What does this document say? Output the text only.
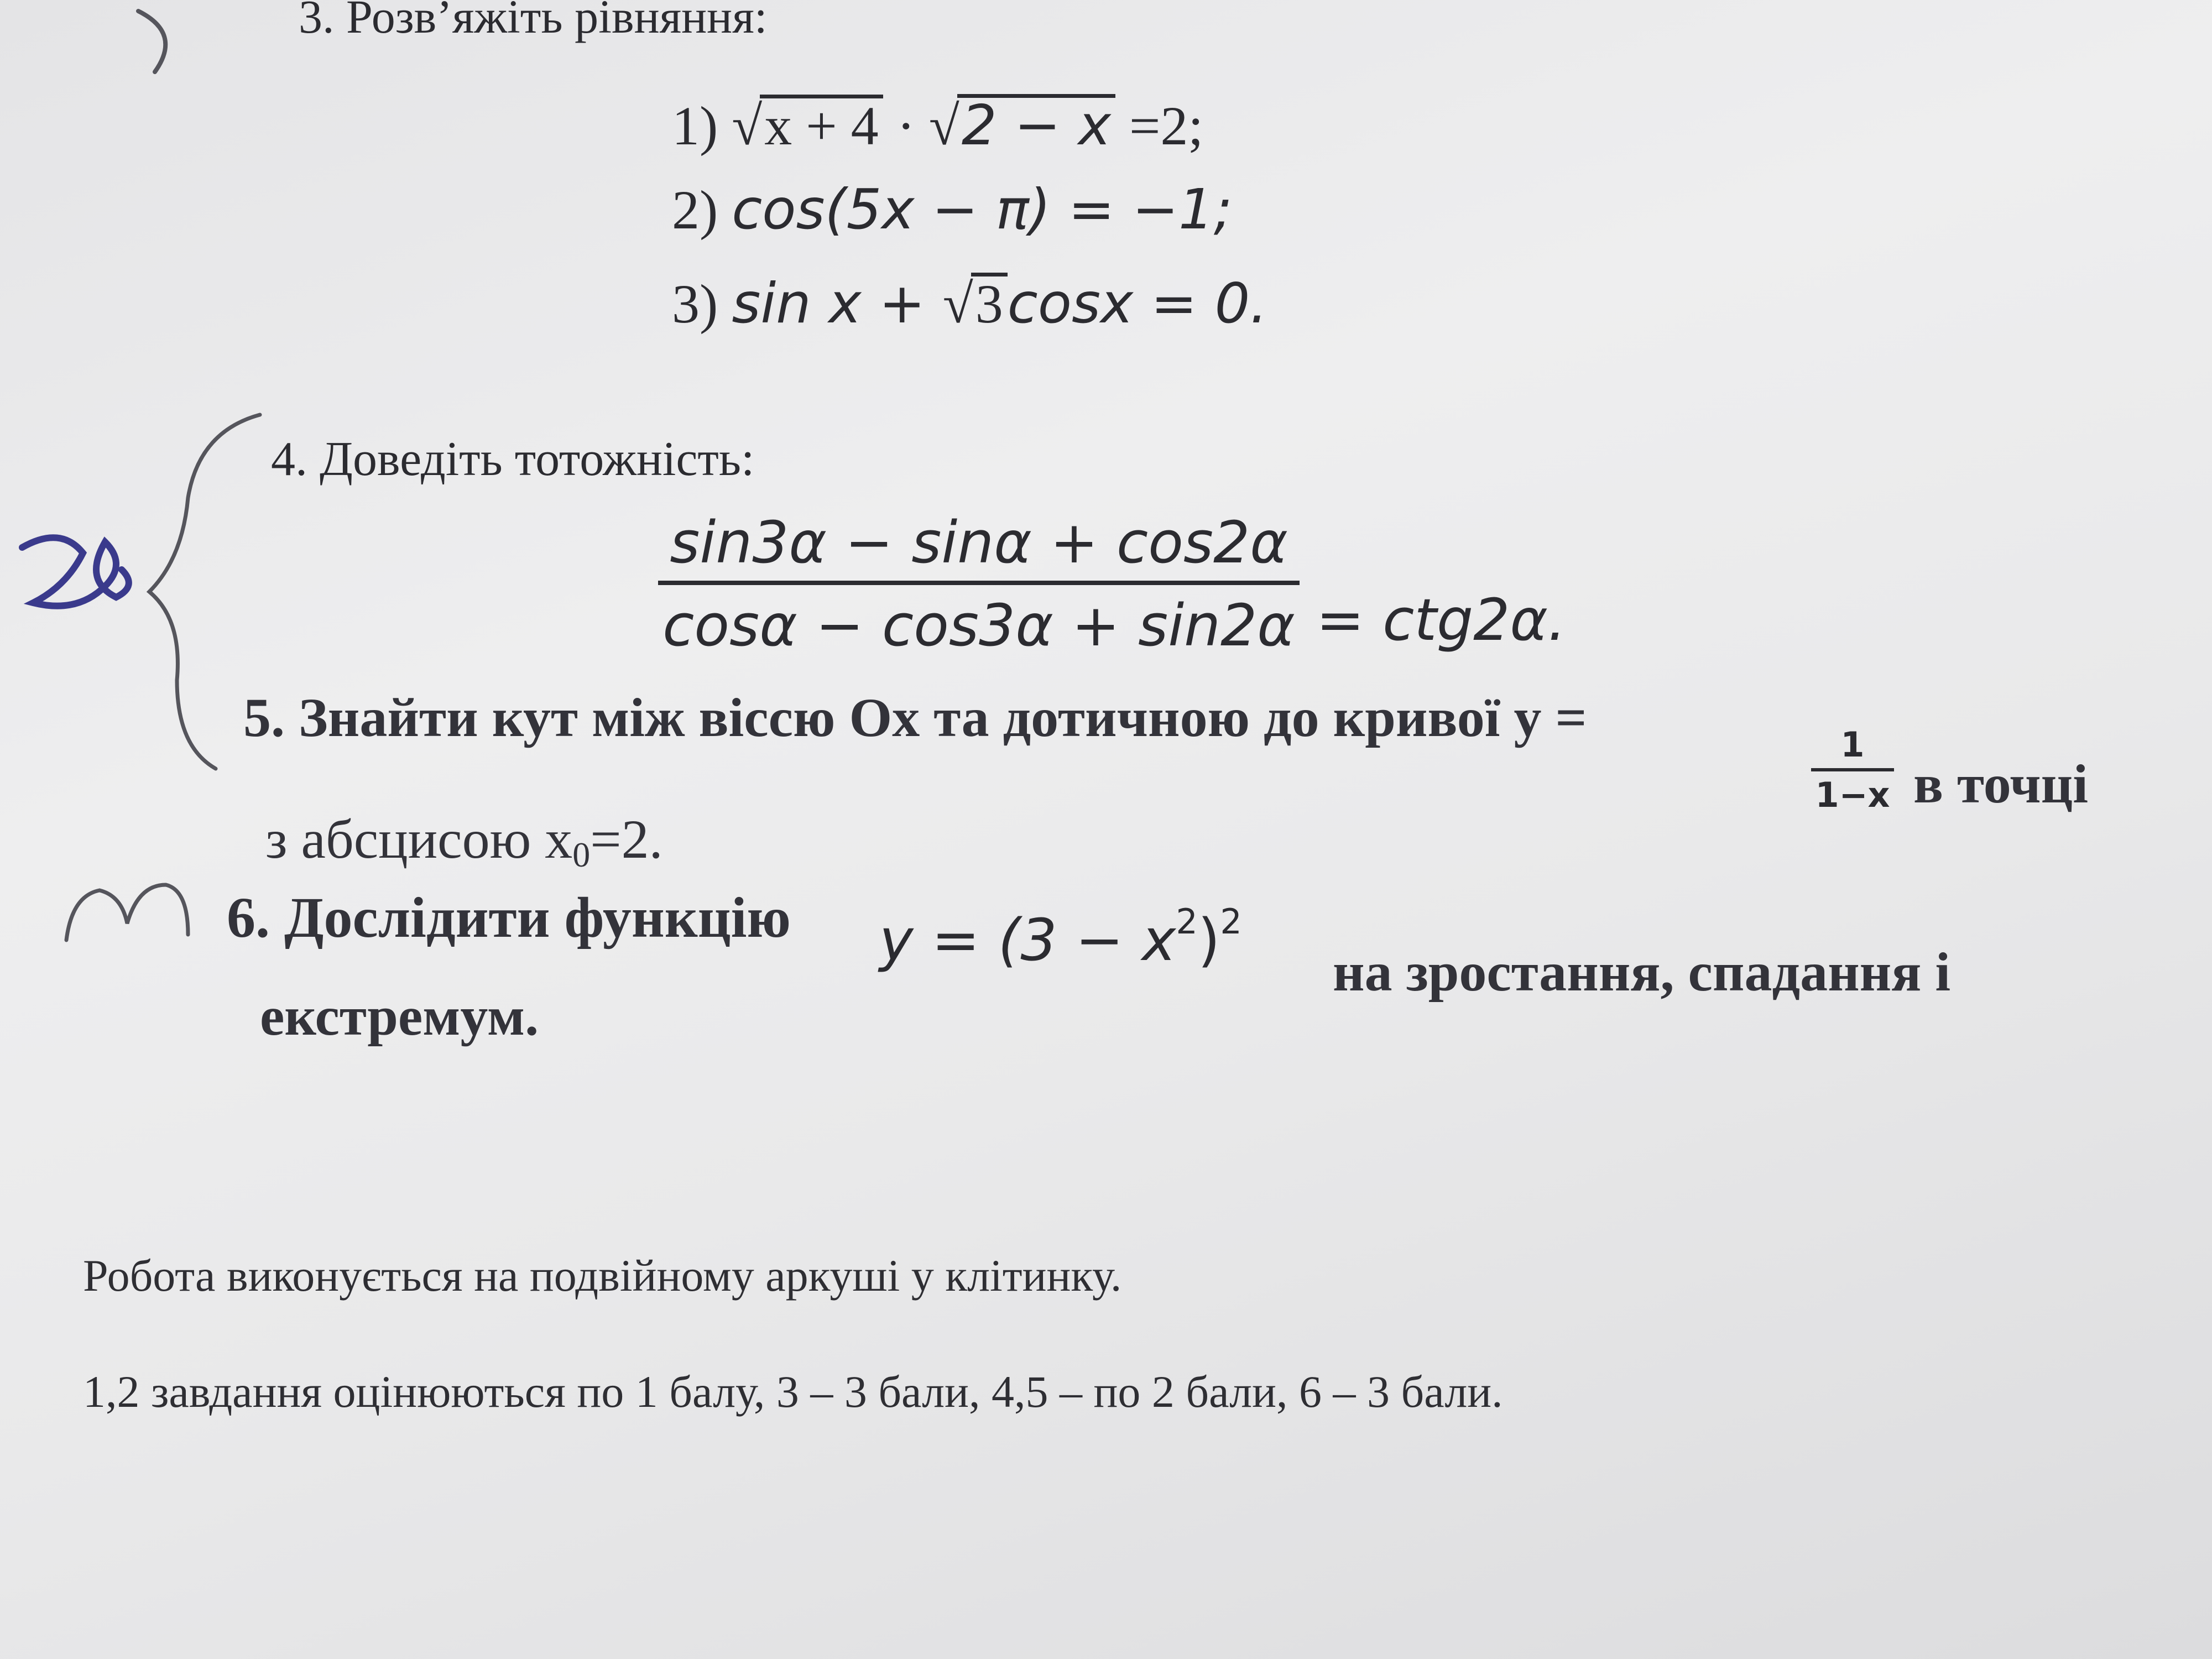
3. Розв’яжіть рівняння:
1) √x + 4 · √2 − x =2;
2) cos(5x − π) = −1;
3) sin x + √3cosx = 0.
4. Доведіть тотожність:
sin3α − sinα + cos2α
cosα − cos3α + sin2α = ctg2α.
5. Знайти кут між віссю Ох та дотичною до кривої y =	1
1−x в точці
з абсцисою $x_0=2$.
6. Дослідити функцію $y = (3 - x^2)^2$
на зростання, спадання і
екстремум.
Робота виконується на подвійному аркуші у клітинку.
1,2 завдання оцінюються по 1 балу, 3 – 3 бали, 4,5 – по 2 бали, 6 – 3 бали.
